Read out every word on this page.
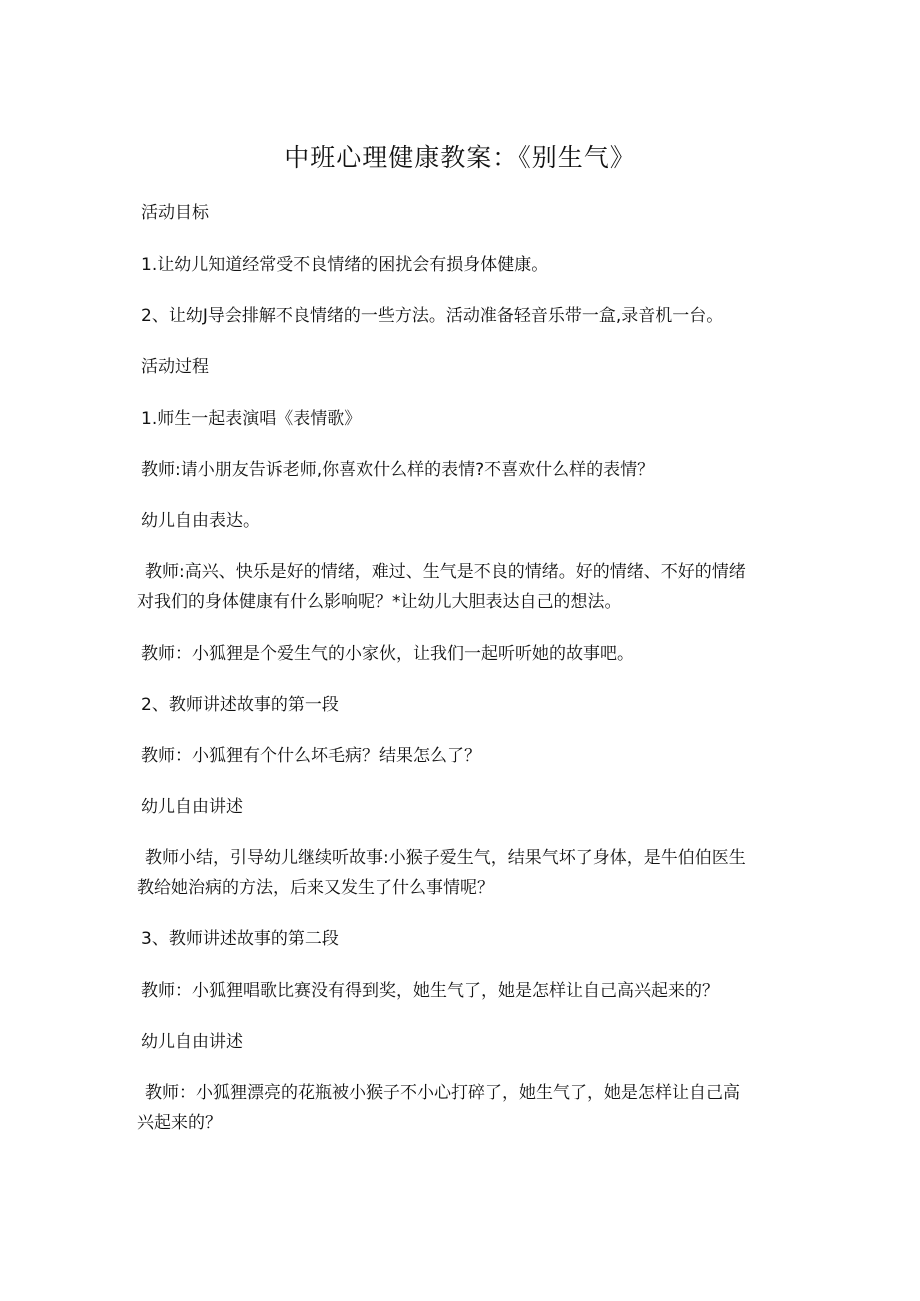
中班心理健康教案：《别生气》
活动目标
1.让幼儿知道经常受不良情绪的困扰会有损身体健康。
2、让幼J导会排解不良情绪的一些方法。活动准备轻音乐带一盒,录音机一台。
活动过程
1.师生一起表演唱《表情歌》
教师:请小朋友告诉老师,你喜欢什么样的表情?不喜欢什么样的表情？
幼儿自由表达。
教师:高兴、快乐是好的情绪，难过、生气是不良的情绪。好的情绪、不好的情绪
对我们的身体健康有什么影响呢？*让幼儿大胆表达自己的想法。
教师：小狐狸是个爱生气的小家伙，让我们一起听听她的故事吧。
2、教师讲述故事的第一段
教师：小狐狸有个什么坏毛病？结果怎么了？
幼儿自由讲述
教师小结，引导幼儿继续听故事:小猴子爱生气，结果气坏了身体，是牛伯伯医生
教给她治病的方法，后来又发生了什么事情呢？
3、教师讲述故事的第二段
教师：小狐狸唱歌比赛没有得到奖，她生气了，她是怎样让自己高兴起来的？
幼儿自由讲述
教师：小狐狸漂亮的花瓶被小猴子不小心打碎了，她生气了，她是怎样让自己高
兴起来的？
